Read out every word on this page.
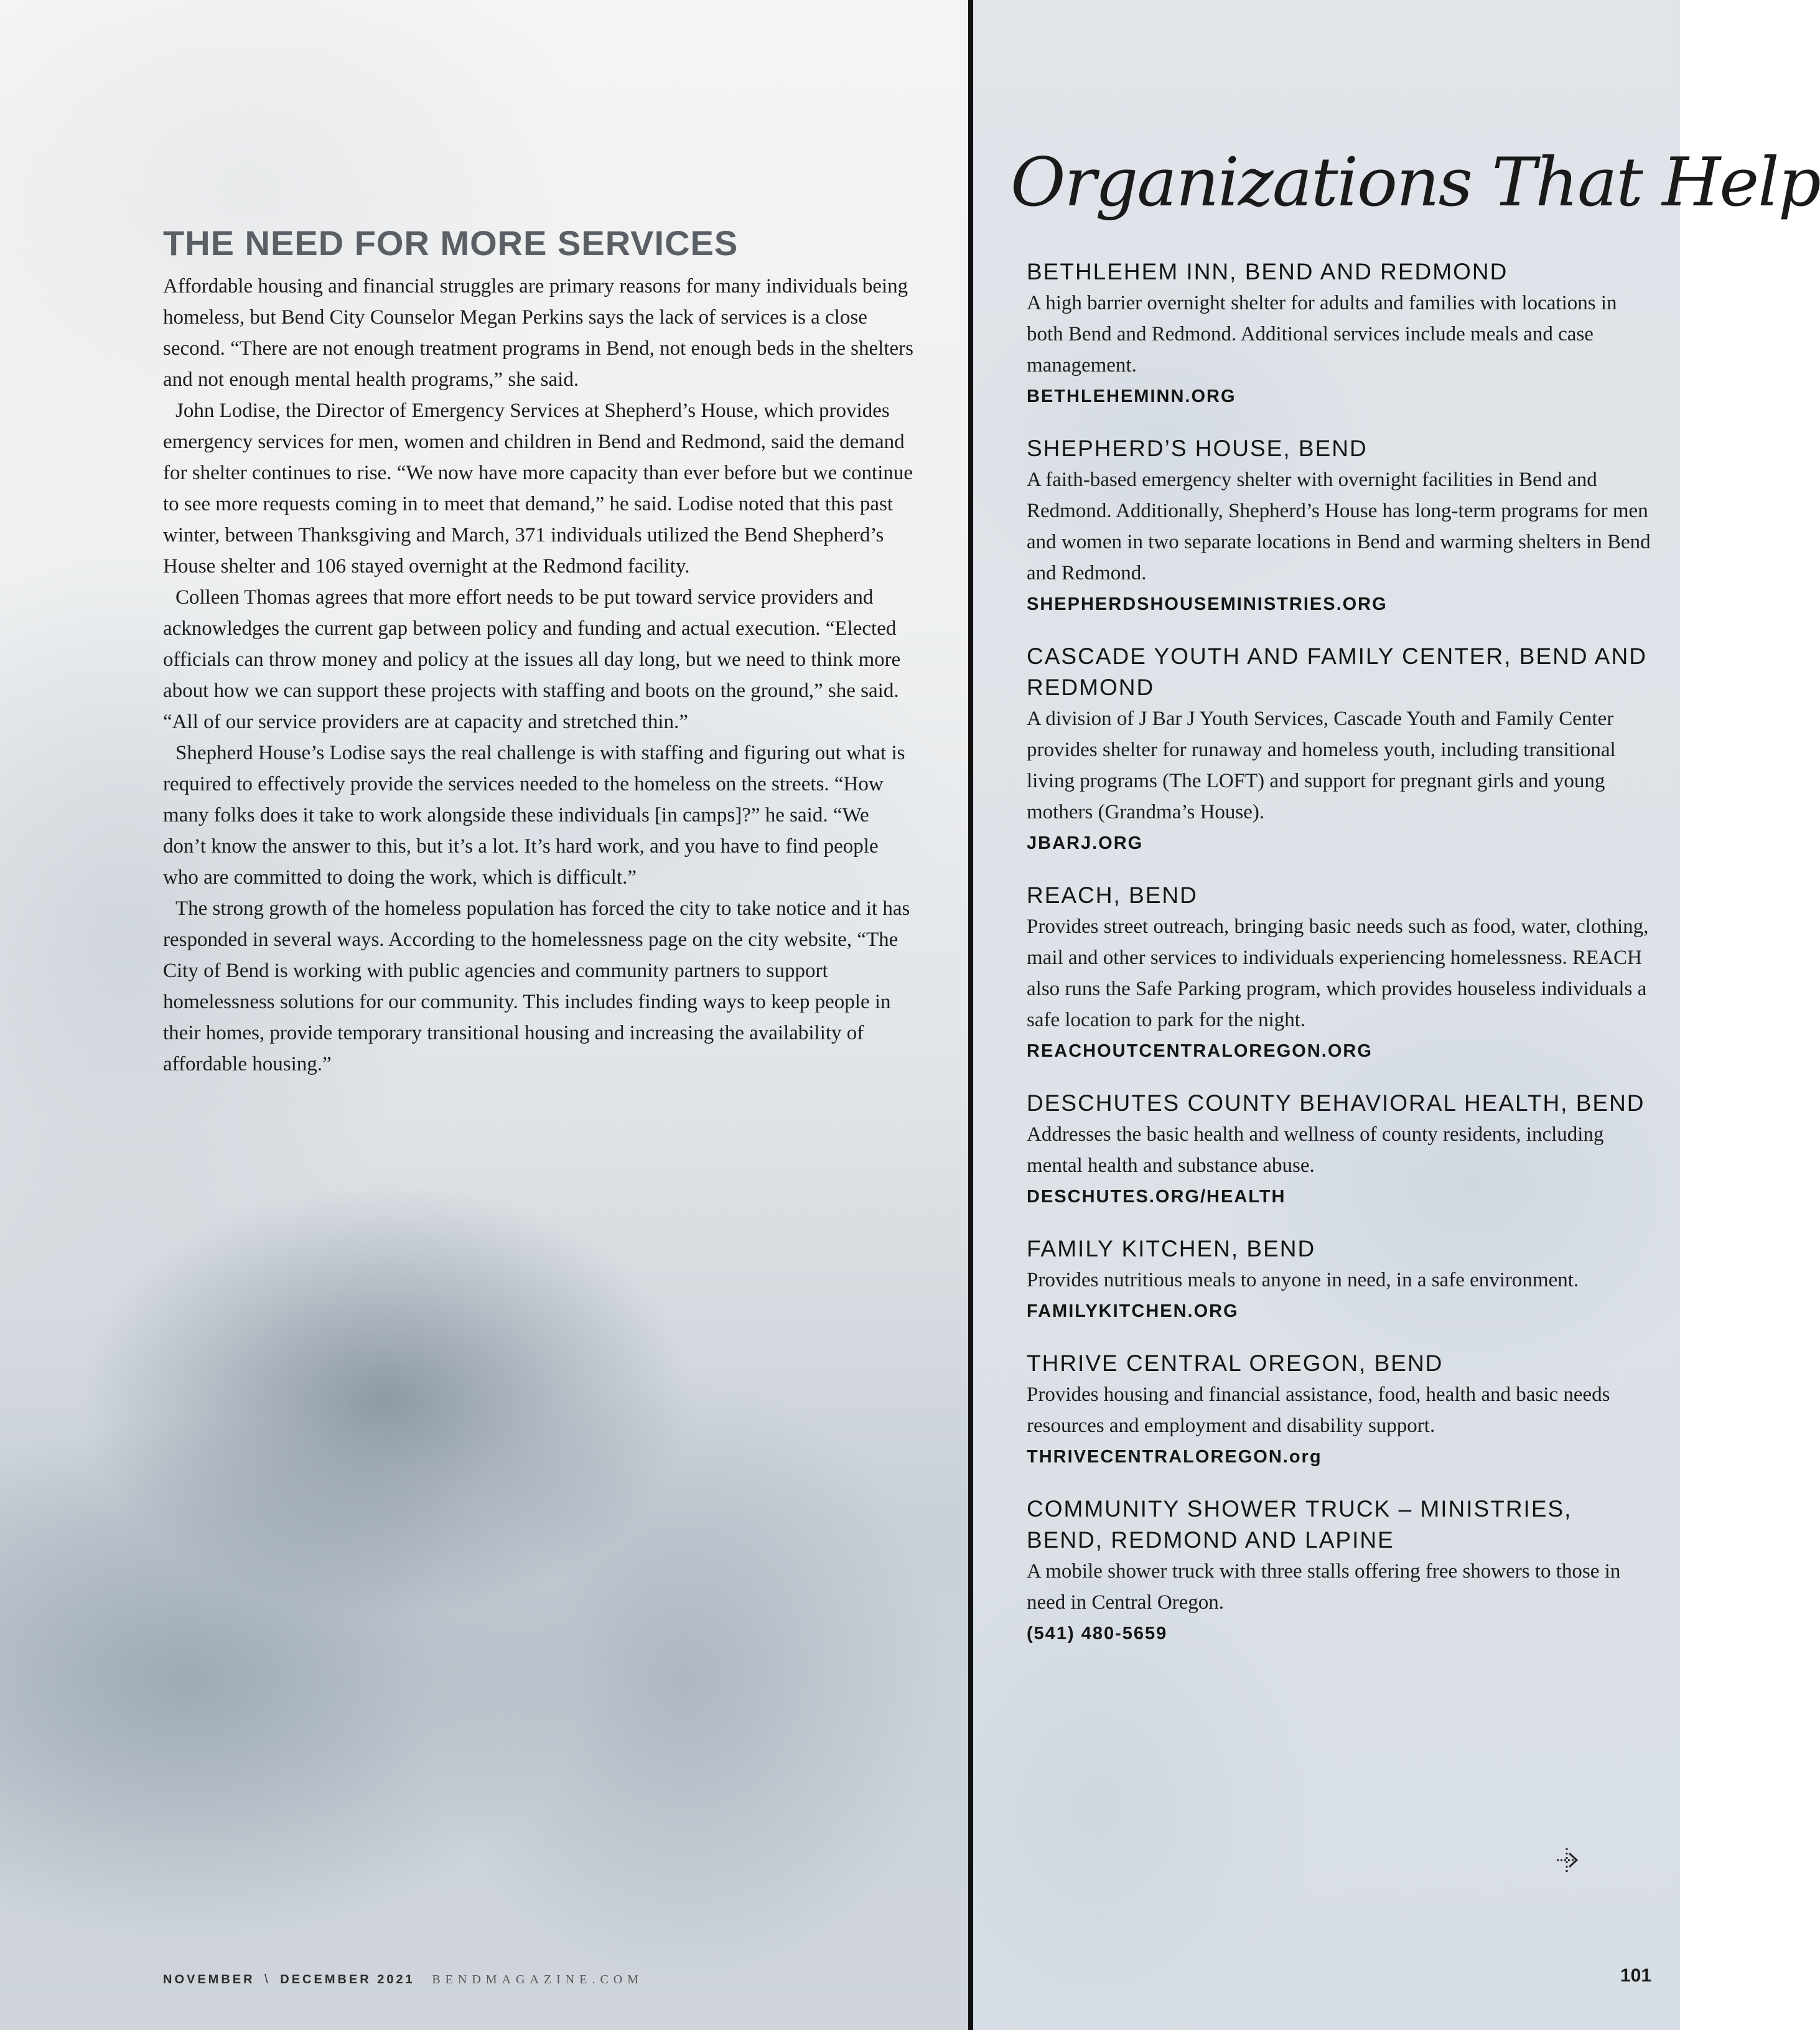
THE NEED FOR MORE SERVICES

Affordable housing and financial struggles are primary reasons for many individuals being homeless, but Bend City Counselor Megan Perkins says the lack of services is a close second. “There are not enough treatment programs in Bend, not enough beds in the shelters and not enough mental health programs,” she said.

John Lodise, the Director of Emergency Services at Shepherd’s House, which provides emergency services for men, women and children in Bend and Redmond, said the demand for shelter continues to rise. “We now have more capacity than ever before but we continue to see more requests coming in to meet that demand,” he said. Lodise noted that this past winter, between Thanksgiving and March, 371 individuals utilized the Bend Shepherd’s House shelter and 106 stayed overnight at the Redmond facility.

Colleen Thomas agrees that more effort needs to be put toward service providers and acknowledges the current gap between policy and funding and actual execution. “Elected officials can throw money and policy at the issues all day long, but we need to think more about how we can support these projects with staffing and boots on the ground,” she said. “All of our service providers are at capacity and stretched thin.”

Shepherd House’s Lodise says the real challenge is with staffing and figuring out what is required to effectively provide the services needed to the homeless on the streets. “How many folks does it take to work alongside these individuals [in camps]?” he said. “We don’t know the answer to this, but it’s a lot. It’s hard work, and you have to find people who are committed to doing the work, which is difficult.”

The strong growth of the homeless population has forced the city to take notice and it has responded in several ways. According to the homelessness page on the city website, “The City of Bend is working with public agencies and community partners to support homelessness solutions for our community. This includes finding ways to keep people in their homes, provide temporary transitional housing and increasing the availability of affordable housing.”

NOVEMBER \ DECEMBER 2021 BENDMAGAZINE.COM
Organizations That Help
BETHLEHEM INN, BEND AND REDMOND
A high barrier overnight shelter for adults and families with locations in both Bend and Redmond. Additional services include meals and case management.
BETHLEHEMINN.ORG
SHEPHERD’S HOUSE, BEND
A faith-based emergency shelter with overnight facilities in Bend and Redmond. Additionally, Shepherd’s House has long-term programs for men and women in two separate locations in Bend and warming shelters in Bend and Redmond.
SHEPHERDSHOUSEMINISTRIES.ORG
CASCADE YOUTH AND FAMILY CENTER, BEND AND REDMOND
A division of J Bar J Youth Services, Cascade Youth and Family Center provides shelter for runaway and homeless youth, including transitional living programs (The LOFT) and support for pregnant girls and young mothers (Grandma’s House).
JBARJ.ORG
REACH, BEND
Provides street outreach, bringing basic needs such as food, water, clothing, mail and other services to individuals experiencing homelessness. REACH also runs the Safe Parking program, which provides houseless individuals a safe location to park for the night.
REACHOUTCENTRALOREGON.ORG
DESCHUTES COUNTY BEHAVIORAL HEALTH, BEND
Addresses the basic health and wellness of county residents, including mental health and substance abuse.
DESCHUTES.ORG/HEALTH
FAMILY KITCHEN, BEND
Provides nutritious meals to anyone in need, in a safe environment.
FAMILYKITCHEN.ORG
THRIVE CENTRAL OREGON, BEND
Provides housing and financial assistance, food, health and basic needs resources and employment and disability support.
THRIVECENTRALOREGON.org
COMMUNITY SHOWER TRUCK – MINISTRIES, BEND, REDMOND AND LAPINE
A mobile shower truck with three stalls offering free showers to those in need in Central Oregon.
(541) 480-5659
101
